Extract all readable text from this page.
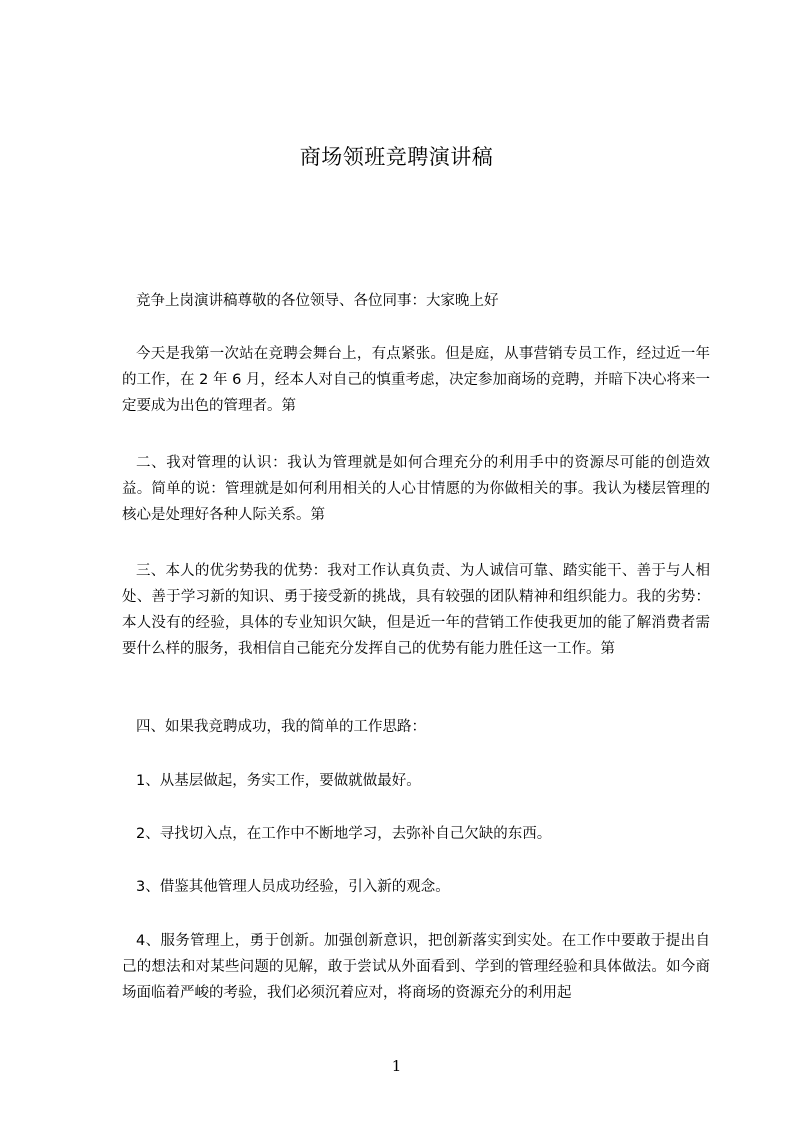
商场领班竞聘演讲稿

竞争上岗演讲稿尊敬的各位领导、各位同事：大家晚上好

今天是我第一次站在竞聘会舞台上，有点紧张。但是庭，从事营销专员工作，经过近一年的工作，在 2 年 6 月，经本人对自己的慎重考虑，决定参加商场的竞聘，并暗下决心将来一定要成为出色的管理者。第

二、我对管理的认识：我认为管理就是如何合理充分的利用手中的资源尽可能的创造效益。简单的说：管理就是如何利用相关的人心甘情愿的为你做相关的事。我认为楼层管理的核心是处理好各种人际关系。第

三、本人的优劣势我的优势：我对工作认真负责、为人诚信可靠、踏实能干、善于与人相处、善于学习新的知识、勇于接受新的挑战，具有较强的团队精神和组织能力。我的劣势：本人没有的经验，具体的专业知识欠缺，但是近一年的营销工作使我更加的能了解消费者需要什么样的服务，我相信自己能充分发挥自己的优势有能力胜任这一工作。第

四、如果我竞聘成功，我的简单的工作思路：

1、从基层做起，务实工作，要做就做最好。

2、寻找切入点，在工作中不断地学习，去弥补自己欠缺的东西。

3、借鉴其他管理人员成功经验，引入新的观念。

4、服务管理上，勇于创新。加强创新意识，把创新落实到实处。在工作中要敢于提出自己的想法和对某些问题的见解，敢于尝试从外面看到、学到的管理经验和具体做法。如今商场面临着严峻的考验，我们必须沉着应对，将商场的资源充分的利用起

1
